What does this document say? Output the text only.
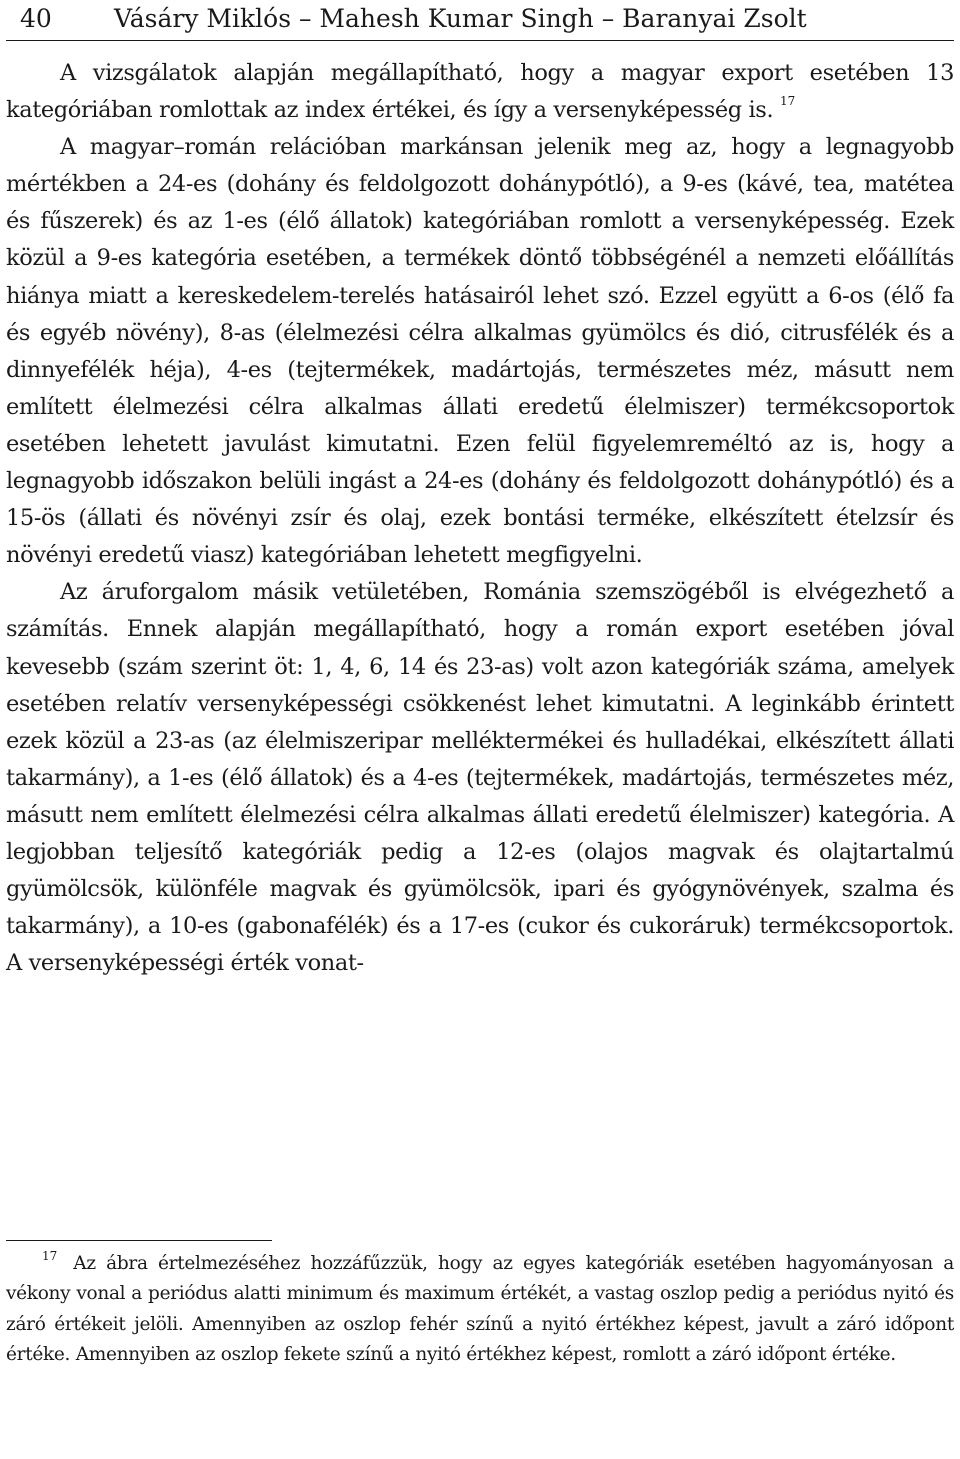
40 Vásáry Miklós – Mahesh Kumar Singh – Baranyai Zsolt

A vizsgálatok alapján megállapítható, hogy a magyar export esetében 13 kategóriában romlottak az index értékei, és így a versenyképesség is. $^{17}$

A magyar–román relációban markánsan jelenik meg az, hogy a legnagyobb mértékben a 24-es (dohány és feldolgozott dohánypótló), a 9-es (kávé, tea, matétea és fűszerek) és az 1-es (élő állatok) kategóriában romlott a versenyképesség. Ezek közül a 9-es kategória esetében, a termékek döntő többségénél a nemzeti előállítás hiánya miatt a kereskedelem-terelés hatásairól lehet szó. Ezzel együtt a 6-os (élő fa és egyéb növény), 8-as (élelmezési célra alkalmas gyümölcs és dió, citrusfélék és a dinnyefélék héja), 4-es (tejtermékek, madártojás, természetes méz, másutt nem említett élelmezési célra alkalmas állati eredetű élelmiszer) termékcsoportok esetében lehetett javulást kimutatni. Ezen felül figyelemreméltó az is, hogy a legnagyobb időszakon belüli ingást a 24-es (dohány és feldolgozott dohánypótló) és a 15-ös (állati és növényi zsír és olaj, ezek bontási terméke, elkészített ételzsír és növényi eredetű viasz) kategóriában lehetett megfigyelni.

Az áruforgalom másik vetületében, Románia szemszögéből is elvégezhető a számítás. Ennek alapján megállapítható, hogy a román export esetében jóval kevesebb (szám szerint öt: 1, 4, 6, 14 és 23-as) volt azon kategóriák száma, amelyek esetében relatív versenyképességi csökkenést lehet kimutatni. A leginkább érintett ezek közül a 23-as (az élelmiszeripar melléktermékei és hulladékai, elkészített állati takarmány), a 1-es (élő állatok) és a 4-es (tejtermékek, madártojás, természetes méz, másutt nem említett élelmezési célra alkalmas állati eredetű élelmiszer) kategória. A legjobban teljesítő kategóriák pedig a 12-es (olajos magvak és olajtartalmú gyümölcsök, különféle magvak és gyümölcsök, ipari és gyógynövények, szalma és takarmány), a 10-es (gabonafélék) és a 17-es (cukor és cukoráruk) termékcsoportok. A versenyképességi érték vonat-

$^{17}$ Az ábra értelmezéséhez hozzáfűzzük, hogy az egyes kategóriák esetében hagyományosan a vékony vonal a periódus alatti minimum és maximum értékét, a vastag oszlop pedig a periódus nyitó és záró értékeit jelöli. Amennyiben az oszlop fehér színű a nyitó értékhez képest, javult a záró időpont értéke. Amennyiben az oszlop fekete színű a nyitó értékhez képest, romlott a záró időpont értéke.
